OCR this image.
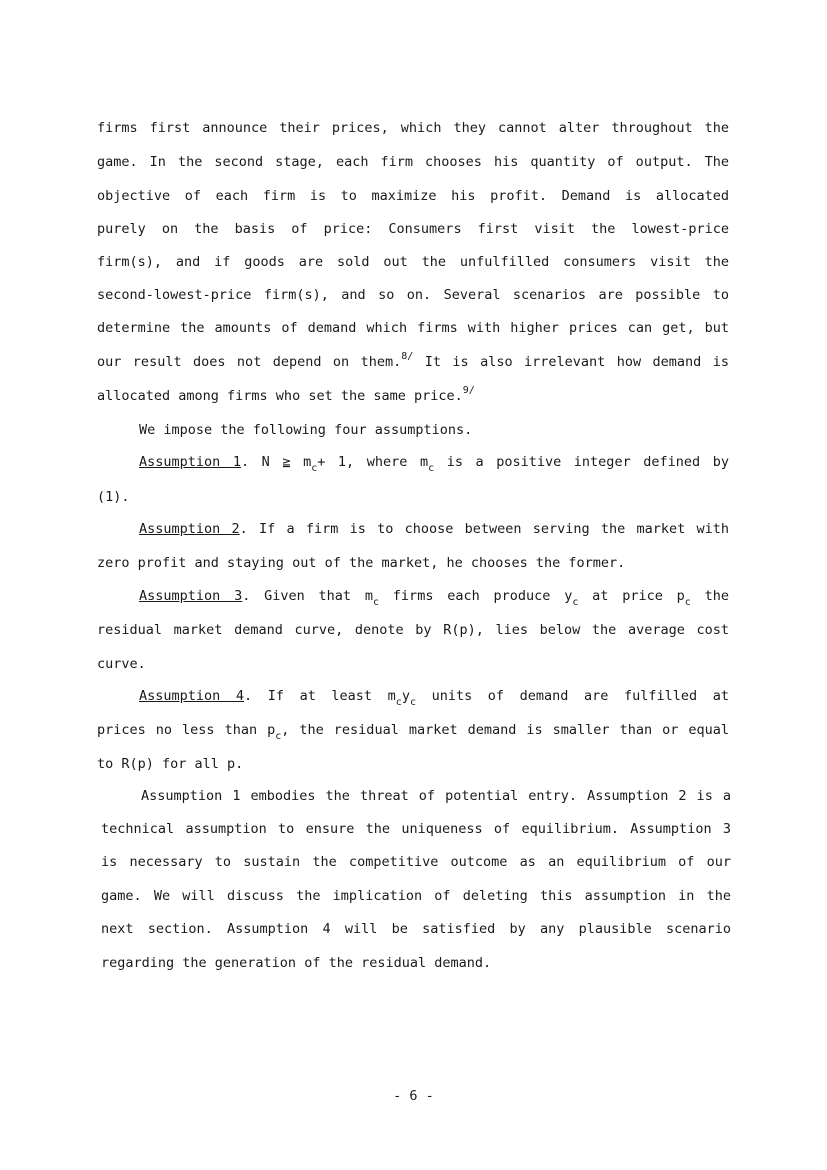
firms first announce their prices, which they cannot alter throughout the
game. In the second stage, each firm chooses his quantity of output. The
objective of each firm is to maximize his profit. Demand is allocated
purely on the basis of price: Consumers first visit the lowest-price
firm(s), and if goods are sold out the unfulfilled consumers visit the
second-lowest-price firm(s), and so on. Several scenarios are possible to
determine the amounts of demand which firms with higher prices can get, but
our result does not depend on them.$^{8/}$ It is also irrelevant how demand is
allocated among firms who set the same price.$^{9/}$
We impose the following four assumptions.
Assumption 1. N ≧ $m_c+ 1$, where $m_c$ is a positive integer defined by
(1).
Assumption 2. If a firm is to choose between serving the market with
zero profit and staying out of the market, he chooses the former.
Assumption 3. Given that $m_c$ firms each produce $y_c$ at price $p_c$ the
residual market demand curve, denote by R(p), lies below the average cost
curve.
Assumption 4. If at least $m_cy_c$ units of demand are fulfilled at
prices no less than $p_c$, the residual market demand is smaller than or equal
to R(p) for all p.
Assumption 1 embodies the threat of potential entry. Assumption 2 is a
technical assumption to ensure the uniqueness of equilibrium. Assumption 3
is necessary to sustain the competitive outcome as an equilibrium of our
game. We will discuss the implication of deleting this assumption in the
next section. Assumption 4 will be satisfied by any plausible scenario
regarding the generation of the residual demand.
- 6 -
